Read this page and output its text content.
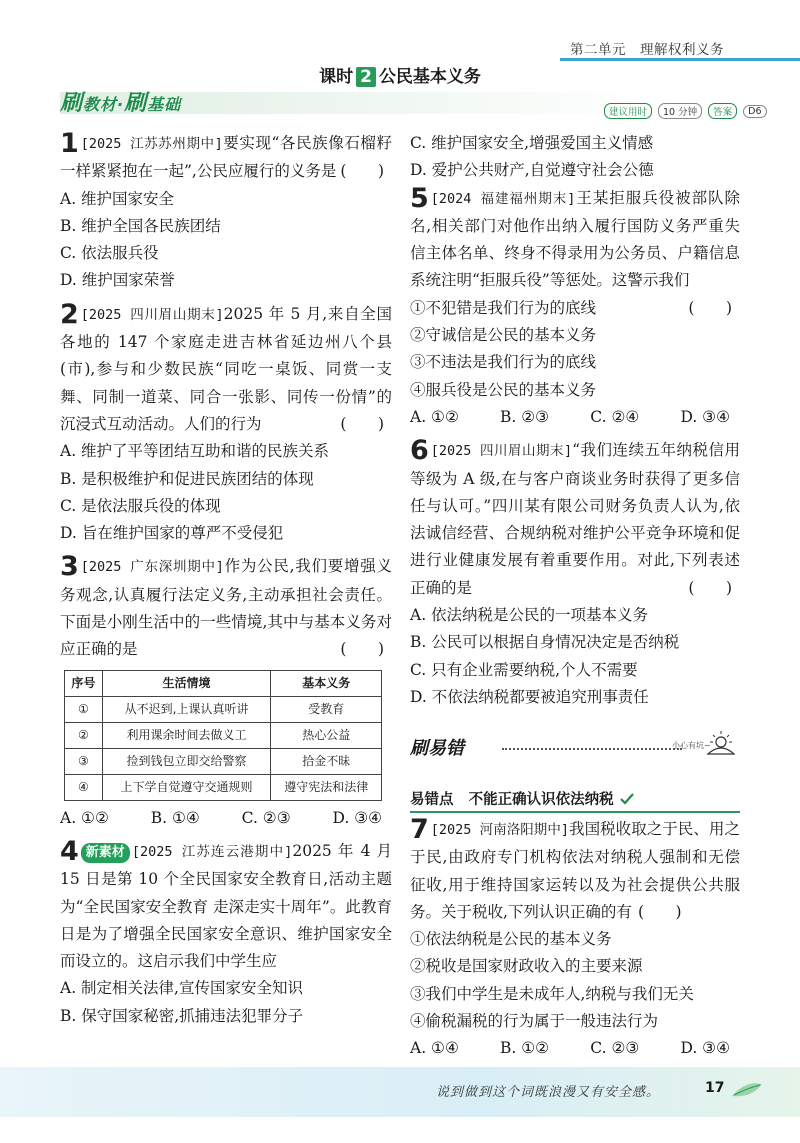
第二单元　理解权利义务
课时 2 公民基本义务
刷教材·刷基础	建议用时	10 分钟	答案	D6
1 [2025 江苏苏州期中]要实现“各民族像石榴籽一样紧紧抱在一起”,公民应履行的义务是 (　)
A. 维护国家安全
B. 维护全国各民族团结
C. 依法服兵役
D. 维护国家荣誉
2 [2025 四川眉山期末]2025 年 5 月,来自全国各地的 147 个家庭走进吉林省延边州八个县(市),参与和少数民族“同吃一桌饭、同赏一支舞、同制一道菜、同合一张影、同传一份情”的沉浸式互动活动。人们的行为	(　)
A. 维护了平等团结互助和谐的民族关系
B. 是积极维护和促进民族团结的体现
C. 是依法服兵役的体现
D. 旨在维护国家的尊严不受侵犯
3 [2025 广东深圳期中]作为公民,我们要增强义务观念,认真履行法定义务,主动承担社会责任。下面是小刚生活中的一些情境,其中与基本义务对应正确的是	(　)
序号	生活情境	基本义务
①	从不迟到,上课认真听讲	受教育
②	利用课余时间去做义工	热心公益
③	捡到钱包立即交给警察	拾金不昧
④	上下学自觉遵守交通规则	遵守宪法和法律
A. ①②	B. ①④	C. ②③	D. ③④
4 新素材 [2025 江苏连云港期中]2025 年 4 月 15 日是第 10 个全民国家安全教育日,活动主题为“全民国家安全教育 走深走实十周年”。此教育日是为了增强全民国家安全意识、维护国家安全而设立的。这启示我们中学生应
A. 制定相关法律,宣传国家安全知识
B. 保守国家秘密,抓捕违法犯罪分子
C. 维护国家安全,增强爱国主义情感
D. 爱护公共财产,自觉遵守社会公德
5 [2024 福建福州期末]王某拒服兵役被部队除名,相关部门对他作出纳入履行国防义务严重失信主体名单、终身不得录用为公务员、户籍信息系统注明“拒服兵役”等惩处。这警示我们
(　)
①不犯错是我们行为的底线
②守诚信是公民的基本义务
③不违法是我们行为的底线
④服兵役是公民的基本义务
A. ①②	B. ②③	C. ②④	D. ③④
6 [2025 四川眉山期末]“我们连续五年纳税信用等级为 A 级,在与客户商谈业务时获得了更多信任与认可。”四川某有限公司财务负责人认为,依法诚信经营、合规纳税对维护公平竞争环境和促进行业健康发展有着重要作用。对此,下列表述正确的是	(　)
A. 依法纳税是公民的一项基本义务
B. 公民可以根据自身情况决定是否纳税
C. 只有企业需要纳税,个人不需要
D. 不依法纳税都要被追究刑事责任
刷易错	小心有坑~
易错点 不能正确认识依法纳税
7 [2025 河南洛阳期中]我国税收取之于民、用之于民,由政府专门机构依法对纳税人强制和无偿征收,用于维持国家运转以及为社会提供公共服务。关于税收,下列认识正确的有 (　)
①依法纳税是公民的基本义务
②税收是国家财政收入的主要来源
③我们中学生是未成年人,纳税与我们无关
④偷税漏税的行为属于一般违法行为
A. ①④	B. ①②	C. ②③	D. ③④
说到做到这个词既浪漫又有安全感。	17
